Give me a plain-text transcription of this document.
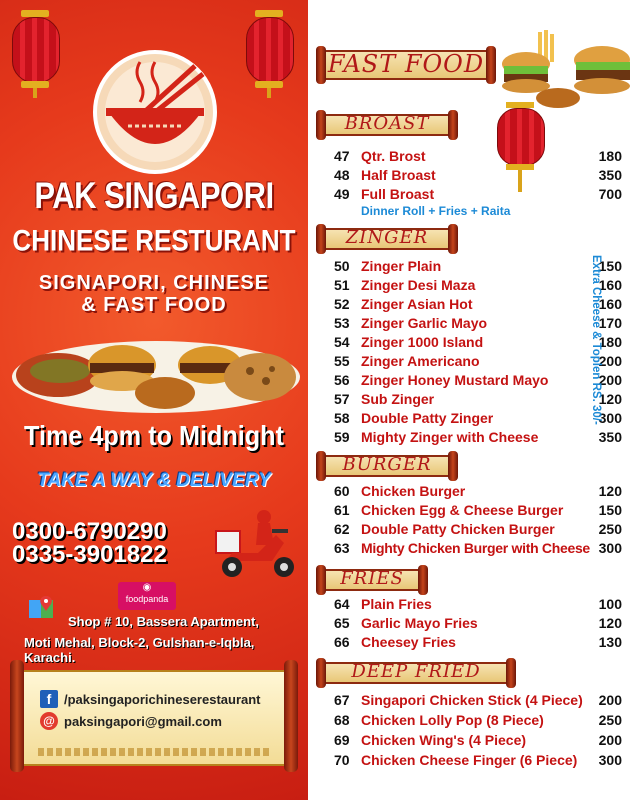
PAK SINGAPORI
CHINESE RESTURANT
SIGNAPORI, CHINESE
& FAST FOOD
Time 4pm to Midnight
TAKE A WAY & DELIVERY
0300-6790290
0335-3901822
◉
foodpanda
Shop # 10, Bassera Apartment,
Moti Mehal, Block-2, Gulshan-e-Iqbla, Karachi.
f /paksingaporichineserestaurant
@ paksingapori@gmail.com
FAST FOOD
BROAST
47 Qtr. Brost	180
48 Half Broast	350
49 Full Broast	700
Dinner Roll + Fries + Raita
ZINGER
50 Zinger Plain	150
51 Zinger Desi Maza	160
52 Zinger Asian Hot	160
53 Zinger Garlic Mayo	170
54 Zinger 1000 Island	180
55 Zinger Americano	200
56 Zinger Honey Mustard Mayo	200
57 Sub Zinger	120
58 Double Patty Zinger	300
59 Mighty Zinger with Cheese	350
Extra Cheese & Toplen RS. 30/-
BURGER
60 Chicken Burger	120
61 Chicken Egg & Cheese Burger	150
62 Double Patty Chicken Burger	250
63 Mighty Chicken Burger with Cheese 300
FRIES
64 Plain Fries	100
65 Garlic Mayo Fries	120
66 Cheesey Fries	130
DEEP FRIED
67 Singapori Chicken Stick (4 Piece) 200
68 Chicken Lolly Pop (8 Piece)	250
69 Chicken Wing's (4 Piece)	200
70 Chicken Cheese Finger (6 Piece) 300
